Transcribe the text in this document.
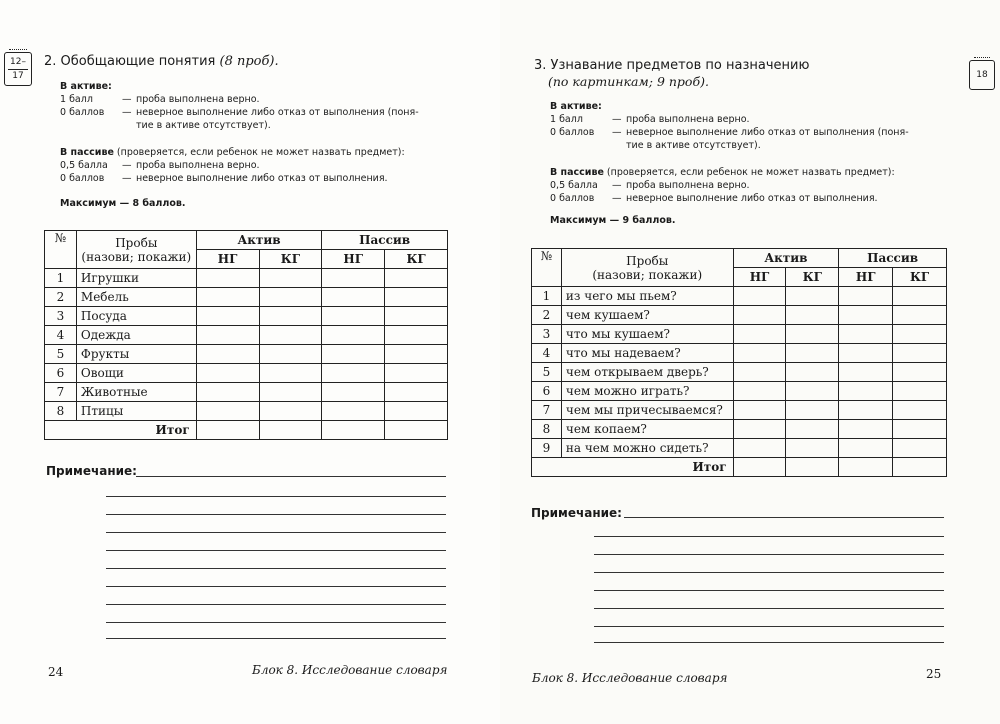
12–
17
2. Обобщающие понятия (8 проб).
В активе:
1 балл	— проба выполнена верно.
0 баллов	— неверное выполнение либо отказ от выполнения (поня-
тие в активе отсутствует).
В пассиве (проверяется, если ребенок не может назвать предмет):
0,5 балла	— проба выполнена верно.
0 баллов	— неверное выполнение либо отказ от выполнения.
Максимум — 8 баллов.
№	Пробы
(назови; покажи)	Актив		Пассив	
		НГ	КГ	НГ	КГ
1	Игрушки				
2	Мебель				
3	Посуда				
4	Одежда				
5	Фрукты				
6	Овощи				
7	Животные				
8	Птицы				
Итог					
Примечание:
24	Блок 8. Исследование словаря
18
3. Узнавание предметов по назначению
(по картинкам; 9 проб).
В активе:
1 балл	— проба выполнена верно.
0 баллов	— неверное выполнение либо отказ от выполнения (поня-
тие в активе отсутствует).
В пассиве (проверяется, если ребенок не может назвать предмет):
0,5 балла	— проба выполнена верно.
0 баллов	— неверное выполнение либо отказ от выполнения.
Максимум — 9 баллов.
№	Пробы
(назови; покажи)	Актив		Пассив	
		НГ	КГ	НГ	КГ
1	из чего мы пьем?				
2	чем кушаем?				
3	что мы кушаем?				
4	что мы надеваем?				
5	чем открываем дверь?				
6	чем можно играть?				
7	чем мы причесываемся?				
8	чем копаем?				
9	на чем можно сидеть?				
Итог					
Примечание:
Блок 8. Исследование словаря	25
